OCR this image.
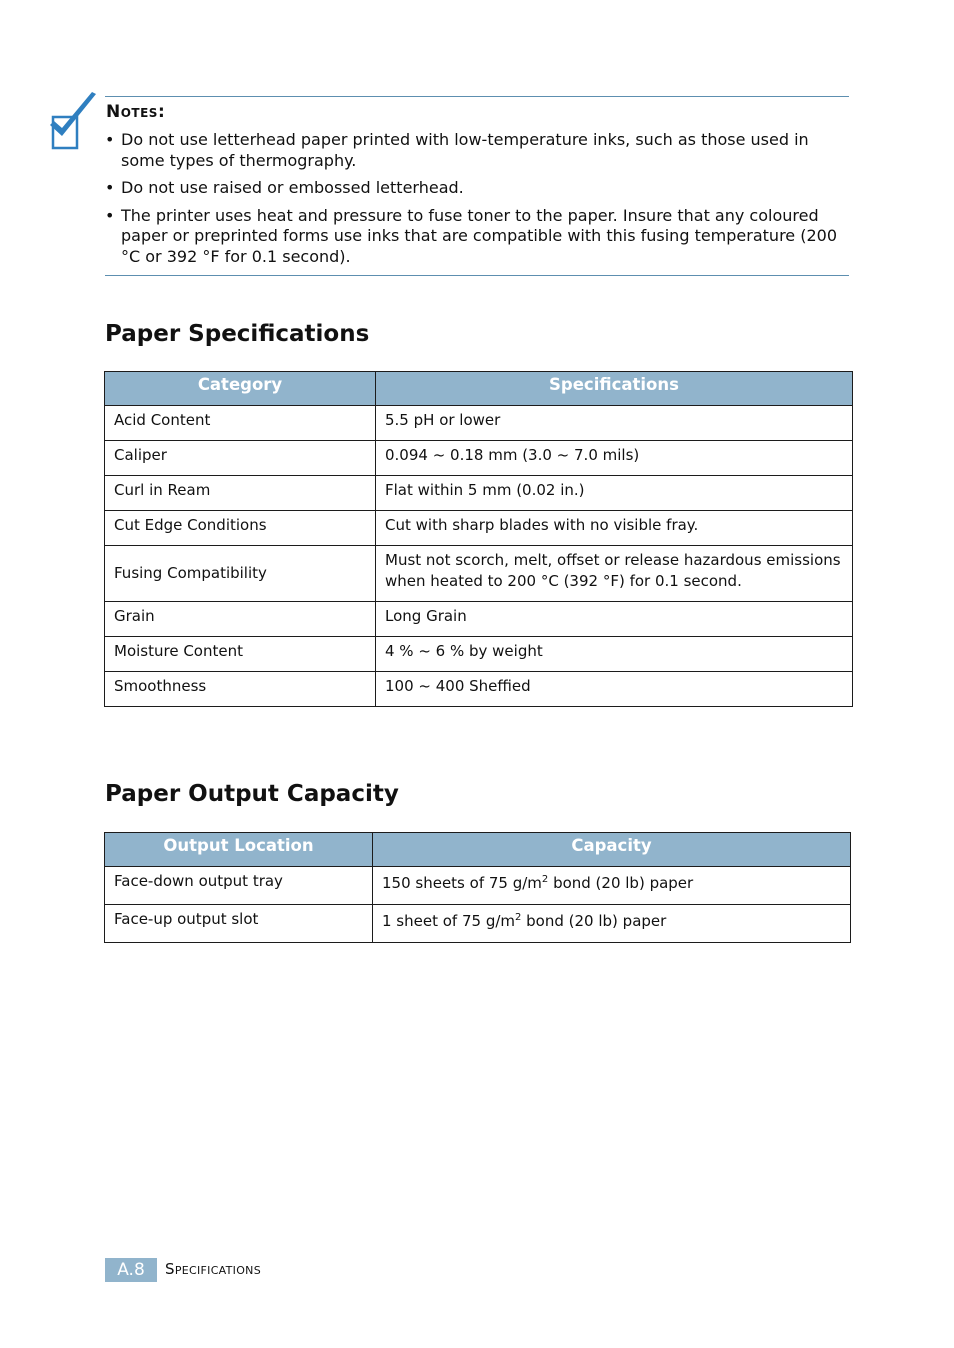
Notes:
• Do not use letterhead paper printed with low-temperature inks, such as those used in some types of thermography.
• Do not use raised or embossed letterhead.
• The printer uses heat and pressure to fuse toner to the paper. Insure that any coloured paper or preprinted forms use inks that are compatible with this fusing temperature (200 °C or 392 °F for 0.1 second).
Paper Specifications
Category	Specifications
Acid Content	5.5 pH or lower
Caliper	0.094 ~ 0.18 mm (3.0 ~ 7.0 mils)
Curl in Ream	Flat within 5 mm (0.02 in.)
Cut Edge Conditions	Cut with sharp blades with no visible fray.
Fusing Compatibility	Must not scorch, melt, offset or release hazardous emissions when heated to 200 °C (392 °F) for 0.1 second.
Grain	Long Grain
Moisture Content	4 % ~ 6 % by weight
Smoothness	100 ~ 400 Sheffied
Paper Output Capacity
Output Location	Capacity
Face-down output tray	150 sheets of 75 $g/m^2$ bond (20 lb) paper
Face-up output slot	1 sheet of 75 $g/m^2$ bond (20 lb) paper
A.8	Specifications
